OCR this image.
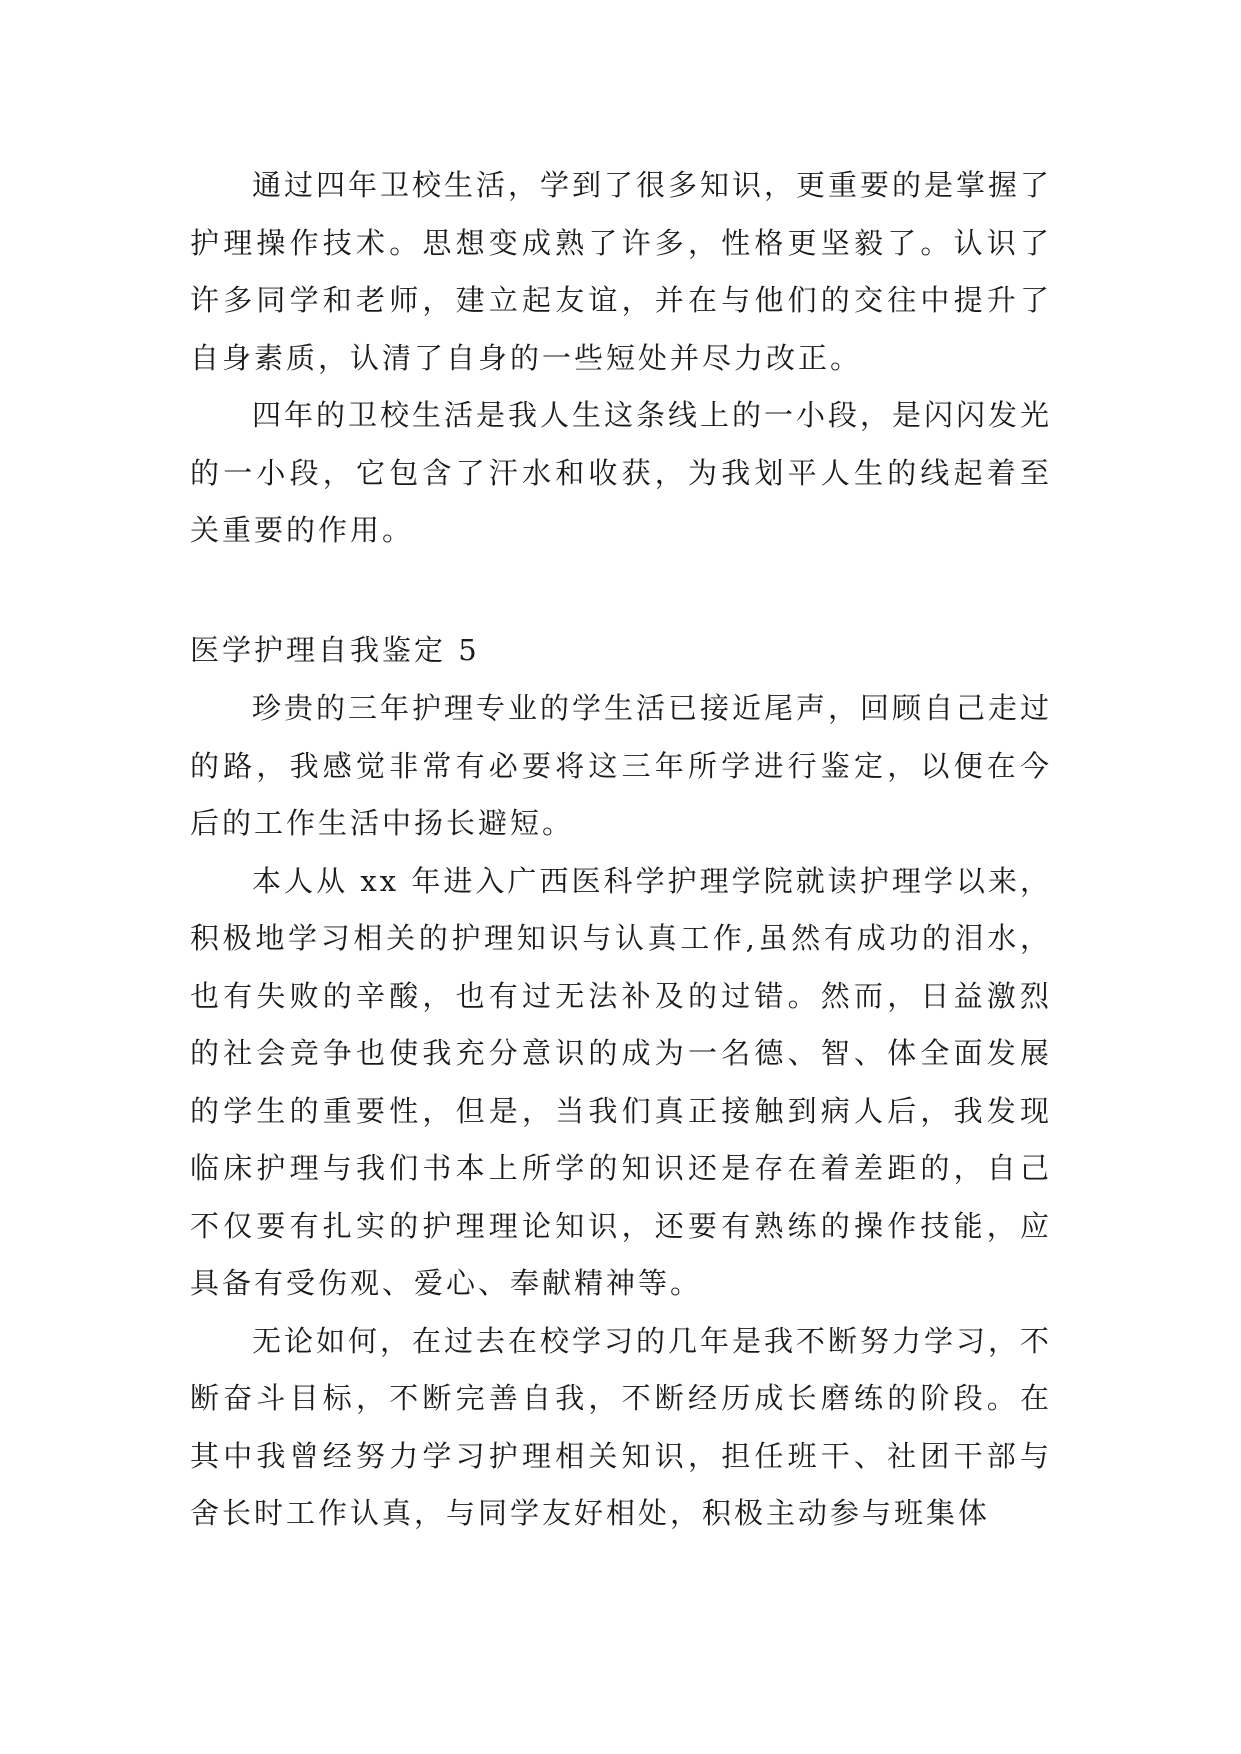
通过四年卫校生活，学到了很多知识，更重要的是掌握了护理操作技术。思想变成熟了许多，性格更坚毅了。认识了许多同学和老师，建立起友谊，并在与他们的交往中提升了自身素质，认清了自身的一些短处并尽力改正。

四年的卫校生活是我人生这条线上的一小段，是闪闪发光的一小段，它包含了汗水和收获，为我划平人生的线起着至关重要的作用。

医学护理自我鉴定 5

珍贵的三年护理专业的学生活已接近尾声，回顾自己走过的路，我感觉非常有必要将这三年所学进行鉴定，以便在今后的工作生活中扬长避短。

本人从 xx 年进入广西医科学护理学院就读护理学以来，积极地学习相关的护理知识与认真工作,虽然有成功的泪水，也有失败的辛酸，也有过无法补及的过错。然而，日益激烈的社会竞争也使我充分意识的成为一名德、智、体全面发展的学生的重要性，但是，当我们真正接触到病人后，我发现临床护理与我们书本上所学的知识还是存在着差距的，自己不仅要有扎实的护理理论知识，还要有熟练的操作技能，应具备有受伤观、爱心、奉献精神等。

无论如何，在过去在校学习的几年是我不断努力学习，不断奋斗目标，不断完善自我，不断经历成长磨练的阶段。在其中我曾经努力学习护理相关知识，担任班干、社团干部与舍长时工作认真，与同学友好相处，积极主动参与班集体
